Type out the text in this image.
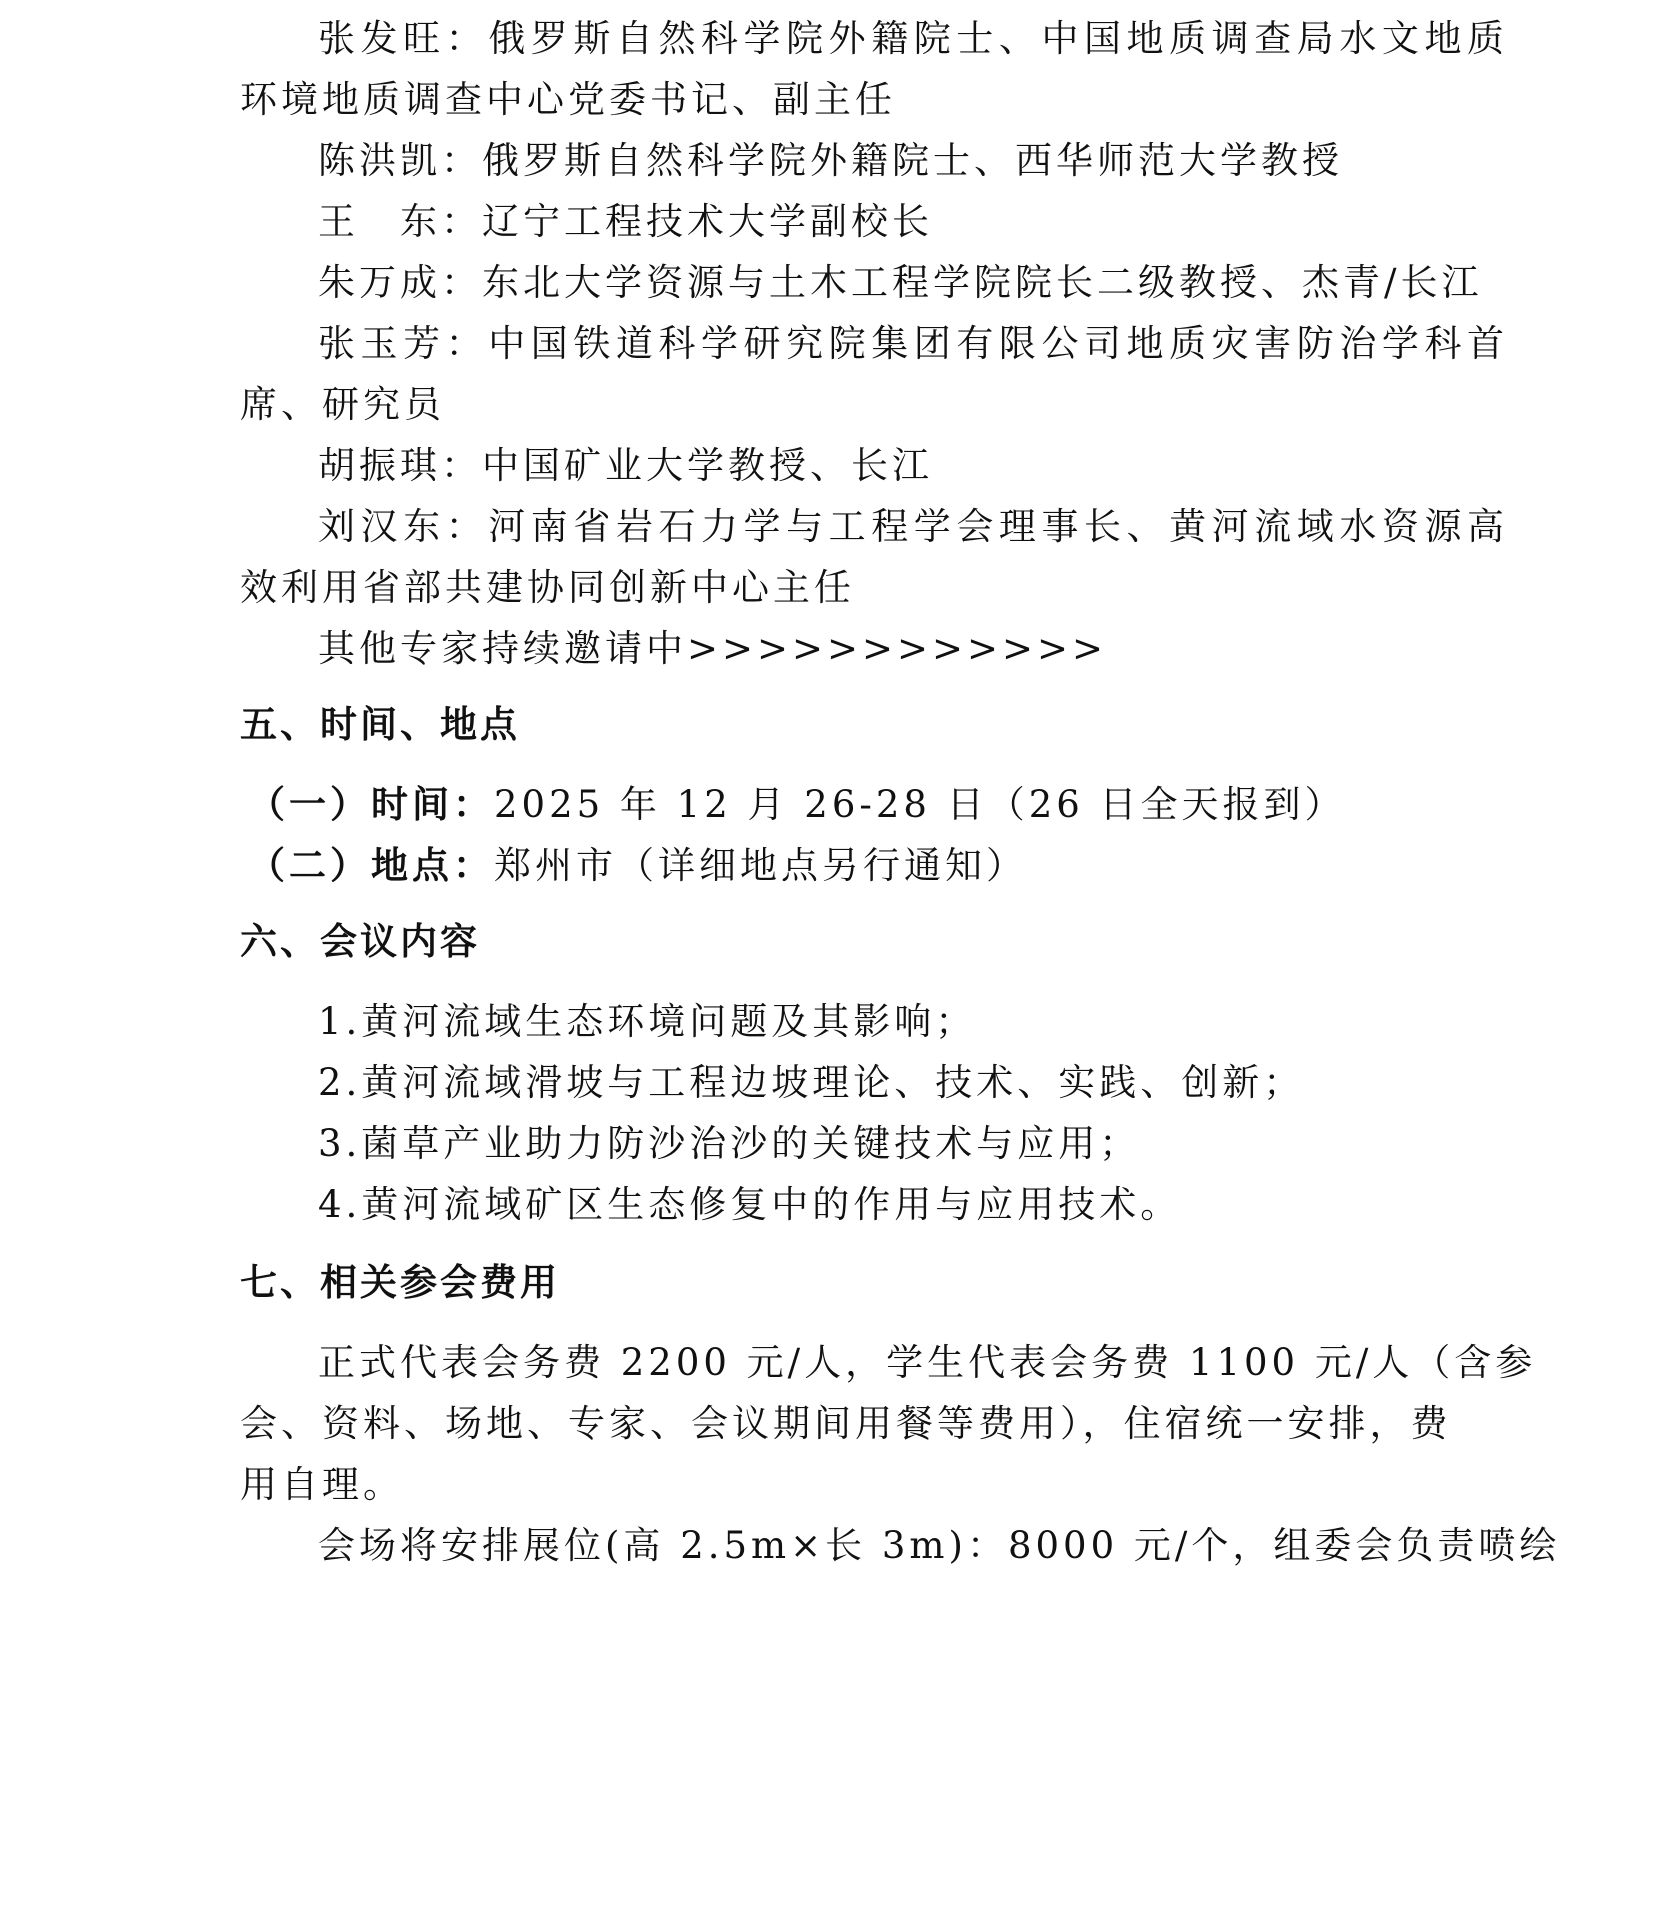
张发旺：俄罗斯自然科学院外籍院士、中国地质调查局水文地质
环境地质调查中心党委书记、副主任
陈洪凯：俄罗斯自然科学院外籍院士、西华师范大学教授
王　东：辽宁工程技术大学副校长
朱万成：东北大学资源与土木工程学院院长二级教授、杰青/长江
张玉芳：中国铁道科学研究院集团有限公司地质灾害防治学科首
席、研究员
胡振琪：中国矿业大学教授、长江
刘汉东：河南省岩石力学与工程学会理事长、黄河流域水资源高
效利用省部共建协同创新中心主任
其他专家持续邀请中>>>>>>>>>>>>
五、时间、地点
（一）时间：2025 年 12 月 26-28 日（26 日全天报到）
（二）地点：郑州市（详细地点另行通知）
六、会议内容
1.黄河流域生态环境问题及其影响；
2.黄河流域滑坡与工程边坡理论、技术、实践、创新；
3.菌草产业助力防沙治沙的关键技术与应用；
4.黄河流域矿区生态修复中的作用与应用技术。
七、相关参会费用
正式代表会务费 2200 元/人，学生代表会务费 1100 元/人（含参
会、资料、场地、专家、会议期间用餐等费用），住宿统一安排，费
用自理。
会场将安排展位(高 2.5m×长 3m)：8000 元/个，组委会负责喷绘
